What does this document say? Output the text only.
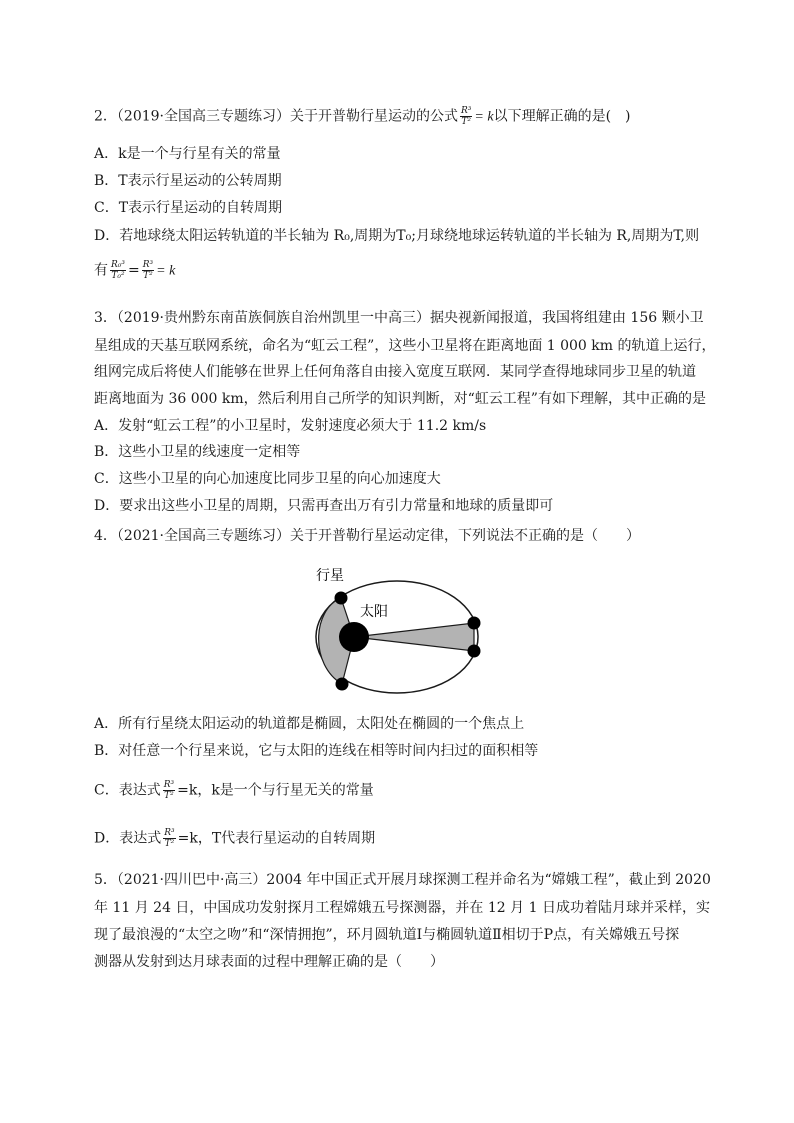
2．（2019·全国高三专题练习）关于开普勒行星运动的公式 $\frac{\text{R³}}{\text{T²}} = k$以下理解正确的是(　)
A．k是一个与行星有关的常量
B．T表示行星运动的公转周期
C．T表示行星运动的自转周期
D．若地球绕太阳运转轨道的半长轴为 R₀,周期为T₀;月球绕地球运转轨道的半长轴为 R,周期为T,则
有 $\frac{\text{R₀³}}{\text{T₀²}} = \frac{\text{R³}}{\text{T²}} = k$
3．（2019·贵州黔东南苗族侗族自治州凯里一中高三）据央视新闻报道，我国将组建由 156 颗小卫
星组成的天基互联网系统，命名为“虹云工程”，这些小卫星将在距离地面 1 000 km 的轨道上运行，
组网完成后将使人们能够在世界上任何角落自由接入宽度互联网．某同学查得地球同步卫星的轨道
距离地面为 36 000 km，然后利用自己所学的知识判断，对“虹云工程”有如下理解，其中正确的是
A．发射“虹云工程”的小卫星时，发射速度必须大于 11.2 km/s
B．这些小卫星的线速度一定相等
C．这些小卫星的向心加速度比同步卫星的向心加速度大
D．要求出这些小卫星的周期，只需再查出万有引力常量和地球的质量即可
4．（2021·全国高三专题练习）关于开普勒行星运动定律，下列说法不正确的是（　　）
行星
太阳
A．所有行星绕太阳运动的轨道都是椭圆，太阳处在椭圆的一个焦点上
B．对任意一个行星来说，它与太阳的连线在相等时间内扫过的面积相等
C．表达式 $\frac{\text{R³}}{\text{T²}} =k$，k是一个与行星无关的常量
D．表达式 $\frac{\text{R³}}{\text{T²}} =k$，T代表行星运动的自转周期
5．（2021·四川巴中·高三）2004 年中国正式开展月球探测工程并命名为“嫦娥工程”，截止到 2020
年 11 月 24 日，中国成功发射探月工程嫦娥五号探测器，并在 12 月 1 日成功着陆月球并采样，实
现了最浪漫的“太空之吻”和“深情拥抱”，环月圆轨道Ⅰ与椭圆轨道Ⅱ相切于P点，有关嫦娥五号探
测器从发射到达月球表面的过程中理解正确的是（　　）
